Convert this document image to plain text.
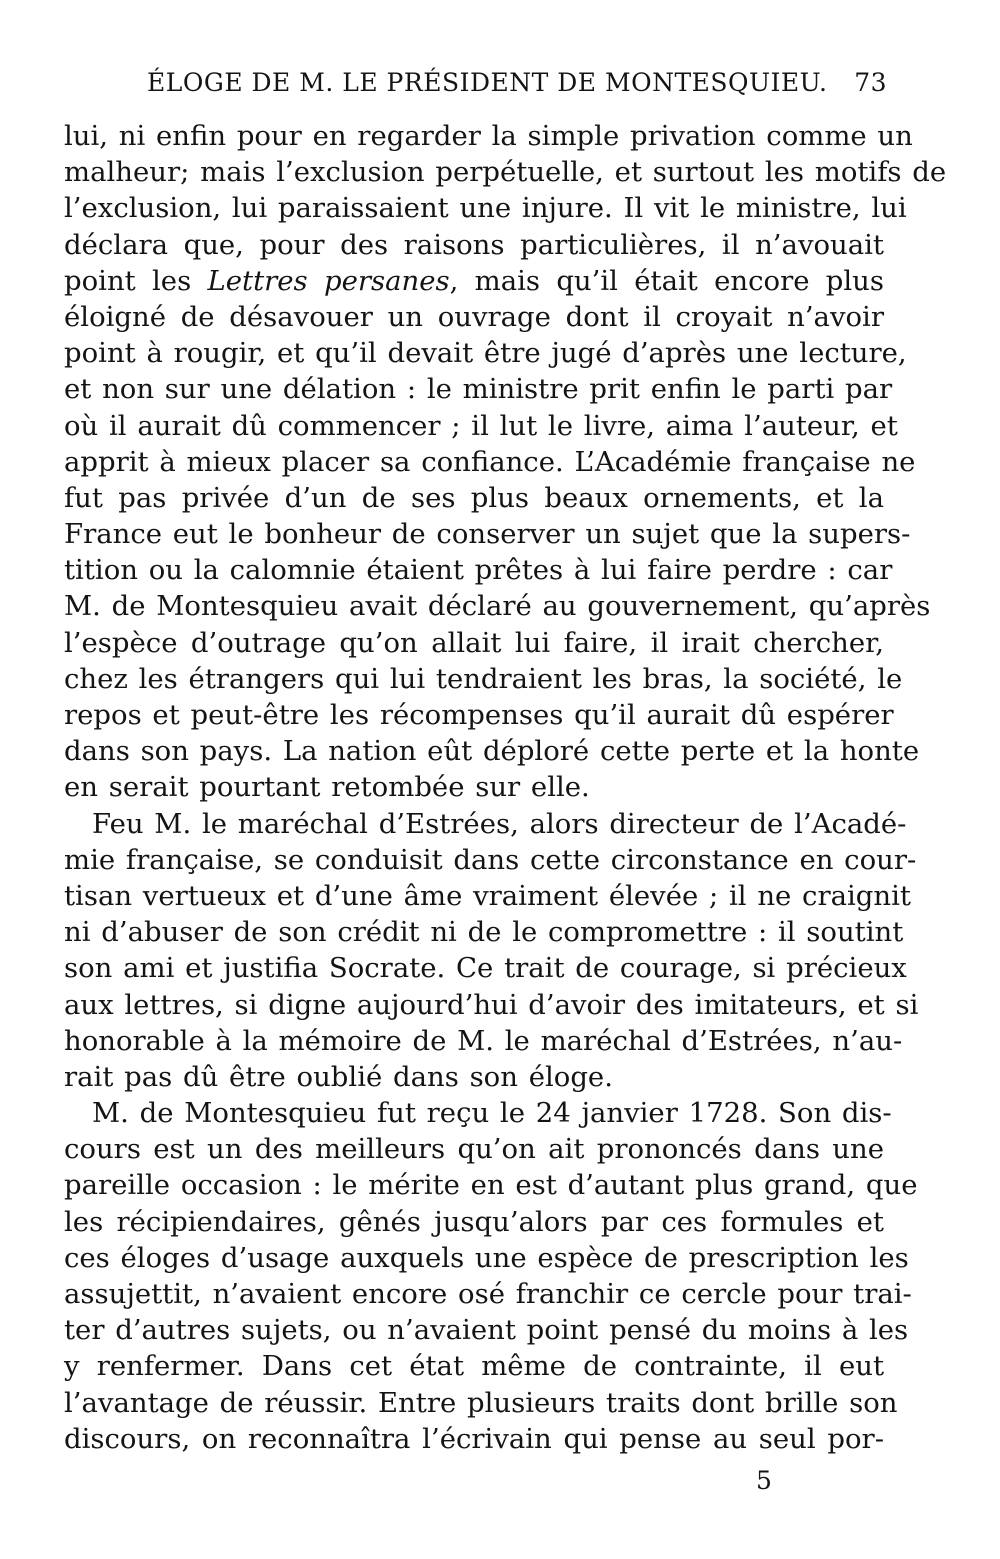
ÉLOGE DE M. LE PRÉSIDENT DE MONTESQUIEU. 73
lui, ni enfin pour en regarder la simple privation comme un
malheur; mais l’exclusion perpétuelle, et surtout les motifs de
l’exclusion, lui paraissaient une injure. Il vit le ministre, lui
déclara que, pour des raisons particulières, il n’avouait
point les Lettres persanes, mais qu’il était encore plus
éloigné de désavouer un ouvrage dont il croyait n’avoir
point à rougir, et qu’il devait être jugé d’après une lecture,
et non sur une délation : le ministre prit enfin le parti par
où il aurait dû commencer ; il lut le livre, aima l’auteur, et
apprit à mieux placer sa confiance. L’Académie française ne
fut pas privée d’un de ses plus beaux ornements, et la
France eut le bonheur de conserver un sujet que la supers-
tition ou la calomnie étaient prêtes à lui faire perdre : car
M. de Montesquieu avait déclaré au gouvernement, qu’après
l’espèce d’outrage qu’on allait lui faire, il irait chercher,
chez les étrangers qui lui tendraient les bras, la société, le
repos et peut-être les récompenses qu’il aurait dû espérer
dans son pays. La nation eût déploré cette perte et la honte
en serait pourtant retombée sur elle.
Feu M. le maréchal d’Estrées, alors directeur de l’Acadé-
mie française, se conduisit dans cette circonstance en cour-
tisan vertueux et d’une âme vraiment élevée ; il ne craignit
ni d’abuser de son crédit ni de le compromettre : il soutint
son ami et justifia Socrate. Ce trait de courage, si précieux
aux lettres, si digne aujourd’hui d’avoir des imitateurs, et si
honorable à la mémoire de M. le maréchal d’Estrées, n’au-
rait pas dû être oublié dans son éloge.
M. de Montesquieu fut reçu le 24 janvier 1728. Son dis-
cours est un des meilleurs qu’on ait prononcés dans une
pareille occasion : le mérite en est d’autant plus grand, que
les récipiendaires, gênés jusqu’alors par ces formules et
ces éloges d’usage auxquels une espèce de prescription les
assujettit, n’avaient encore osé franchir ce cercle pour trai-
ter d’autres sujets, ou n’avaient point pensé du moins à les
y renfermer. Dans cet état même de contrainte, il eut
l’avantage de réussir. Entre plusieurs traits dont brille son
discours, on reconnaîtra l’écrivain qui pense au seul por-
5
